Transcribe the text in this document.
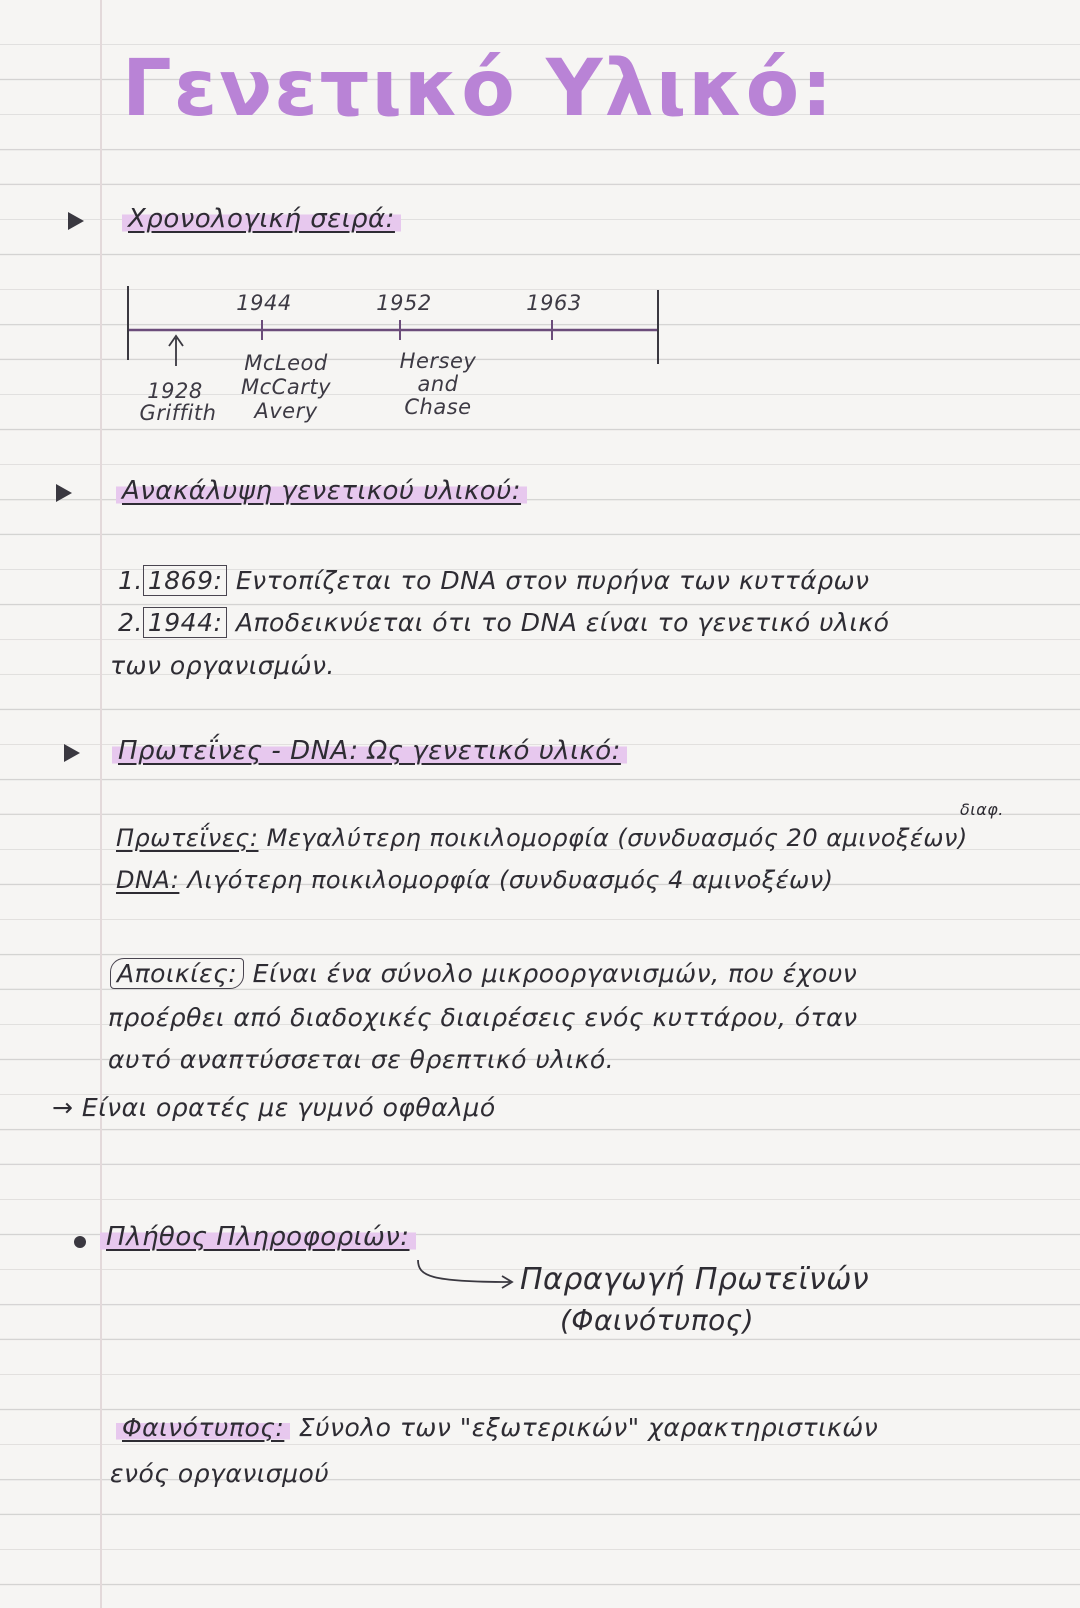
Γενετικό Υλικό:
Χρονολογική σειρά:
1944	1952	1963
1928
Griffith
McLeod
McCarty
Avery
Hersey
and
Chase
Ανακάλυψη γενετικού υλικού:
1. 1869: Εντοπίζεται το DNA στον πυρήνα των κυττάρων
2. 1944: Αποδεικνύεται ότι το DNA είναι το γενετικό υλικό
των οργανισμών.
Πρωτεΐνες - DNA: Ως γενετικό υλικό:
διαφ.
Πρωτεΐνες: Μεγαλύτερη ποικιλομορφία (συνδυασμός 20 αμινοξέων)
DNA: Λιγότερη ποικιλομορφία (συνδυασμός 4 αμινοξέων)
Αποικίες: Είναι ένα σύνολο μικροοργανισμών, που έχουν
προέρθει από διαδοχικές διαιρέσεις ενός κυττάρου, όταν
αυτό αναπτύσσεται σε θρεπτικό υλικό.
→ Είναι ορατές με γυμνό οφθαλμό
Πλήθος Πληροφοριών:
Παραγωγή Πρωτεϊνών
(Φαινότυπος)
Φαινότυπος: Σύνολο των "εξωτερικών" χαρακτηριστικών
ενός οργανισμού
